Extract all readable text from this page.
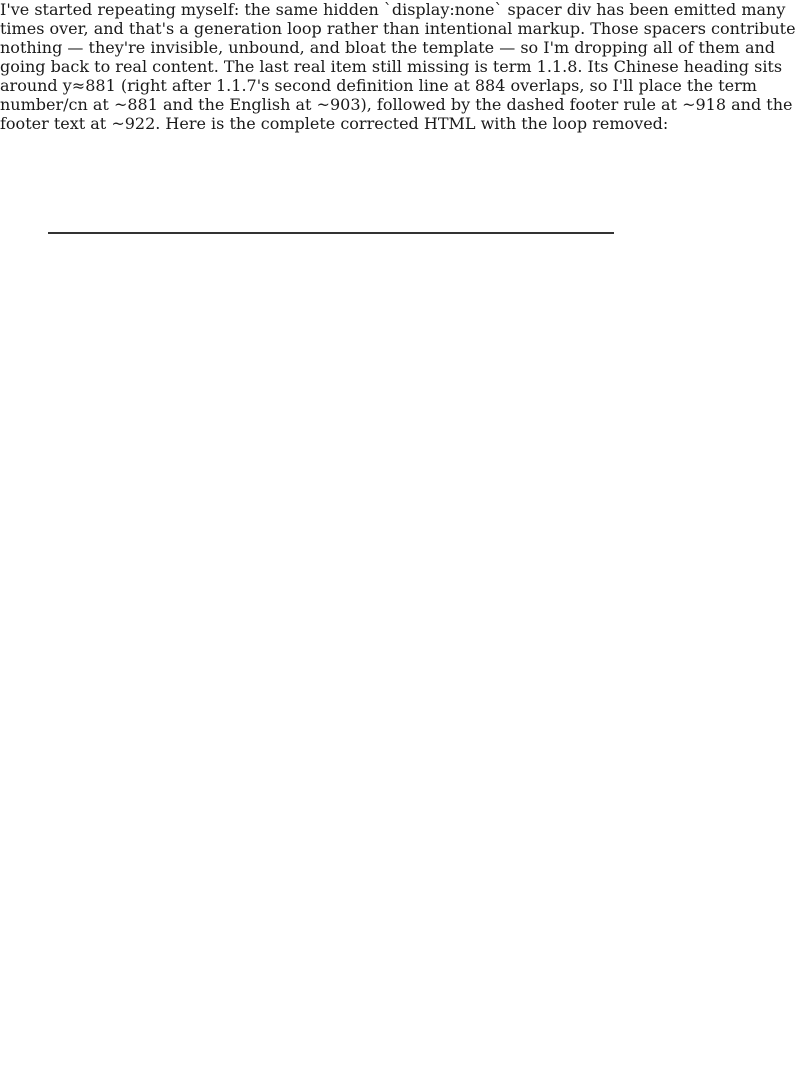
I've started repeating myself: the same hidden `display:none` spacer div has been emitted many times over, and that's a generation loop rather than intentional markup. Those spacers contribute nothing — they're invisible, unbound, and bloat the template — so I'm dropping all of them and going back to real content. The last real item still missing is term 1.1.8. Its Chinese heading sits around y≈881 (right after 1.1.7's second definition line at 884 overlaps, so I'll place the term number/cn at ~881 and the English at ~903), followed by the dashed footer rule at ~918 and the footer text at ~922. Here is the complete corrected HTML with the loop removed:
